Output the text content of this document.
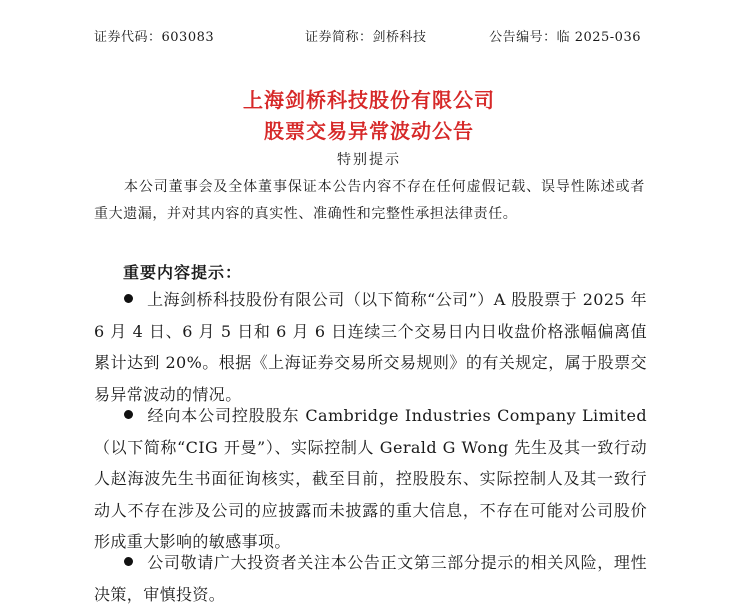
证券代码：603083	证券简称：剑桥科技	公告编号：临 2025-036
上海剑桥科技股份有限公司
股票交易异常波动公告
特别提示

本公司董事会及全体董事保证本公告内容不存在任何虚假记载、误导性陈述或者重大遗漏，并对其内容的真实性、准确性和完整性承担法律责任。

重要内容提示：

上海剑桥科技股份有限公司（以下简称“公司”）A 股股票于 2025 年 6 月 4 日、6 月 5 日和 6 月 6 日连续三个交易日内日收盘价格涨幅偏离值累计达到 20%。根据《上海证券交易所交易规则》的有关规定，属于股票交易异常波动的情况。

经向本公司控股股东 Cambridge Industries Company Limited（以下简称“CIG 开曼”）、实际控制人 Gerald G Wong 先生及其一致行动人赵海波先生书面征询核实，截至目前，控股股东、实际控制人及其一致行动人不存在涉及公司的应披露而未披露的重大信息，不存在可能对公司股价形成重大影响的敏感事项。

公司敬请广大投资者关注本公告正文第三部分提示的相关风险，理性决策，审慎投资。
